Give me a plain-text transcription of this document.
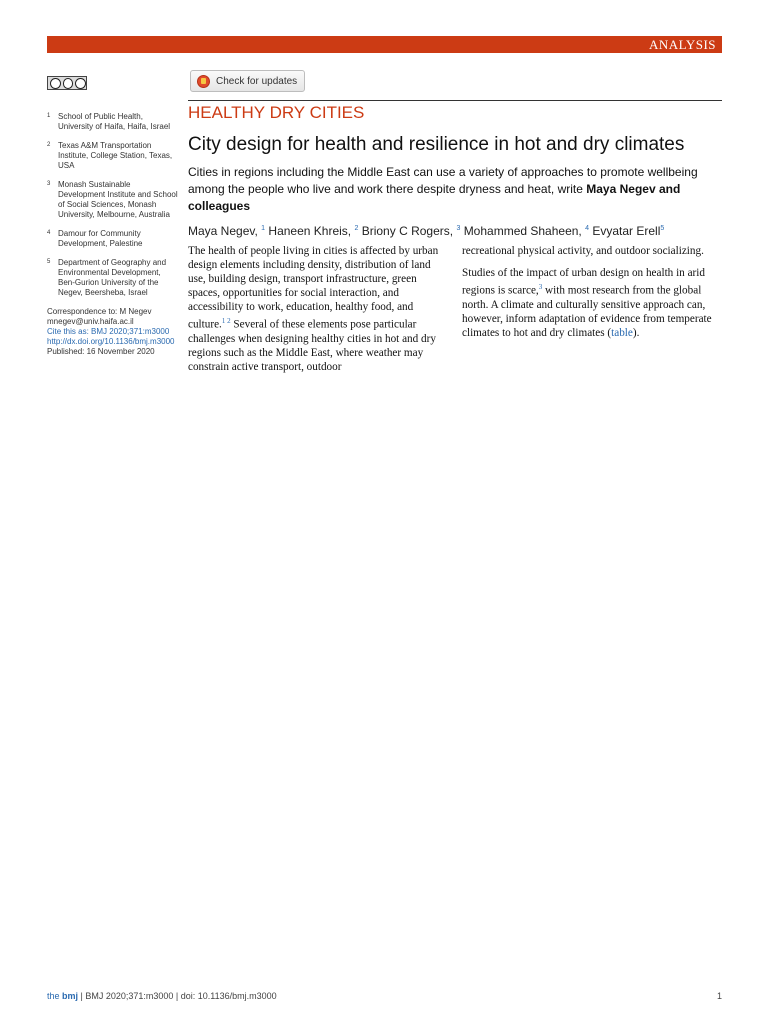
ANALYSIS
Check for updates
HEALTHY DRY CITIES
City design for health and resilience in hot and dry climates
Cities in regions including the Middle East can use a variety of approaches to promote wellbeing among the people who live and work there despite dryness and heat, write Maya Negev and colleagues
Maya Negev, $^1$ Haneen Khreis, $^2$ Briony C Rogers, $^3$ Mohammed Shaheen, $^4$ Evyatar Erell$^5$
1 School of Public Health, University of Haifa, Haifa, Israel
2 Texas A&M Transportation Institute, College Station, Texas, USA
3 Monash Sustainable Development Institute and School of Social Sciences, Monash University, Melbourne, Australia
4 Damour for Community Development, Palestine
5 Department of Geography and Environmental Development, Ben-Gurion University of the Negev, Beersheba, Israel
Correspondence to: M Negev
mnegev@univ.haifa.ac.il
Cite this as: BMJ 2020;371:m3000
http://dx.doi.org/10.1136/bmj.m3000
Published: 16 November 2020

The health of people living in cities is affected by urban design elements including density, distribution of land use, building design, transport infrastructure, green spaces, opportunities for social interaction, and accessibility to work, education, healthy food, and culture.$^{1 2}$ Several of these elements pose particular challenges when designing healthy cities in hot and dry regions such as the Middle East, where weather may constrain active transport, outdoor

recreational physical activity, and outdoor socializing.

Studies of the impact of urban design on health in arid regions is scarce,$^3$ with most research from the global north. A climate and culturally sensitive approach can, however, inform adaptation of evidence from temperate climates to hot and dry climates (table).

the bmj | BMJ 2020;371:m3000 | doi: 10.1136/bmj.m3000	1
